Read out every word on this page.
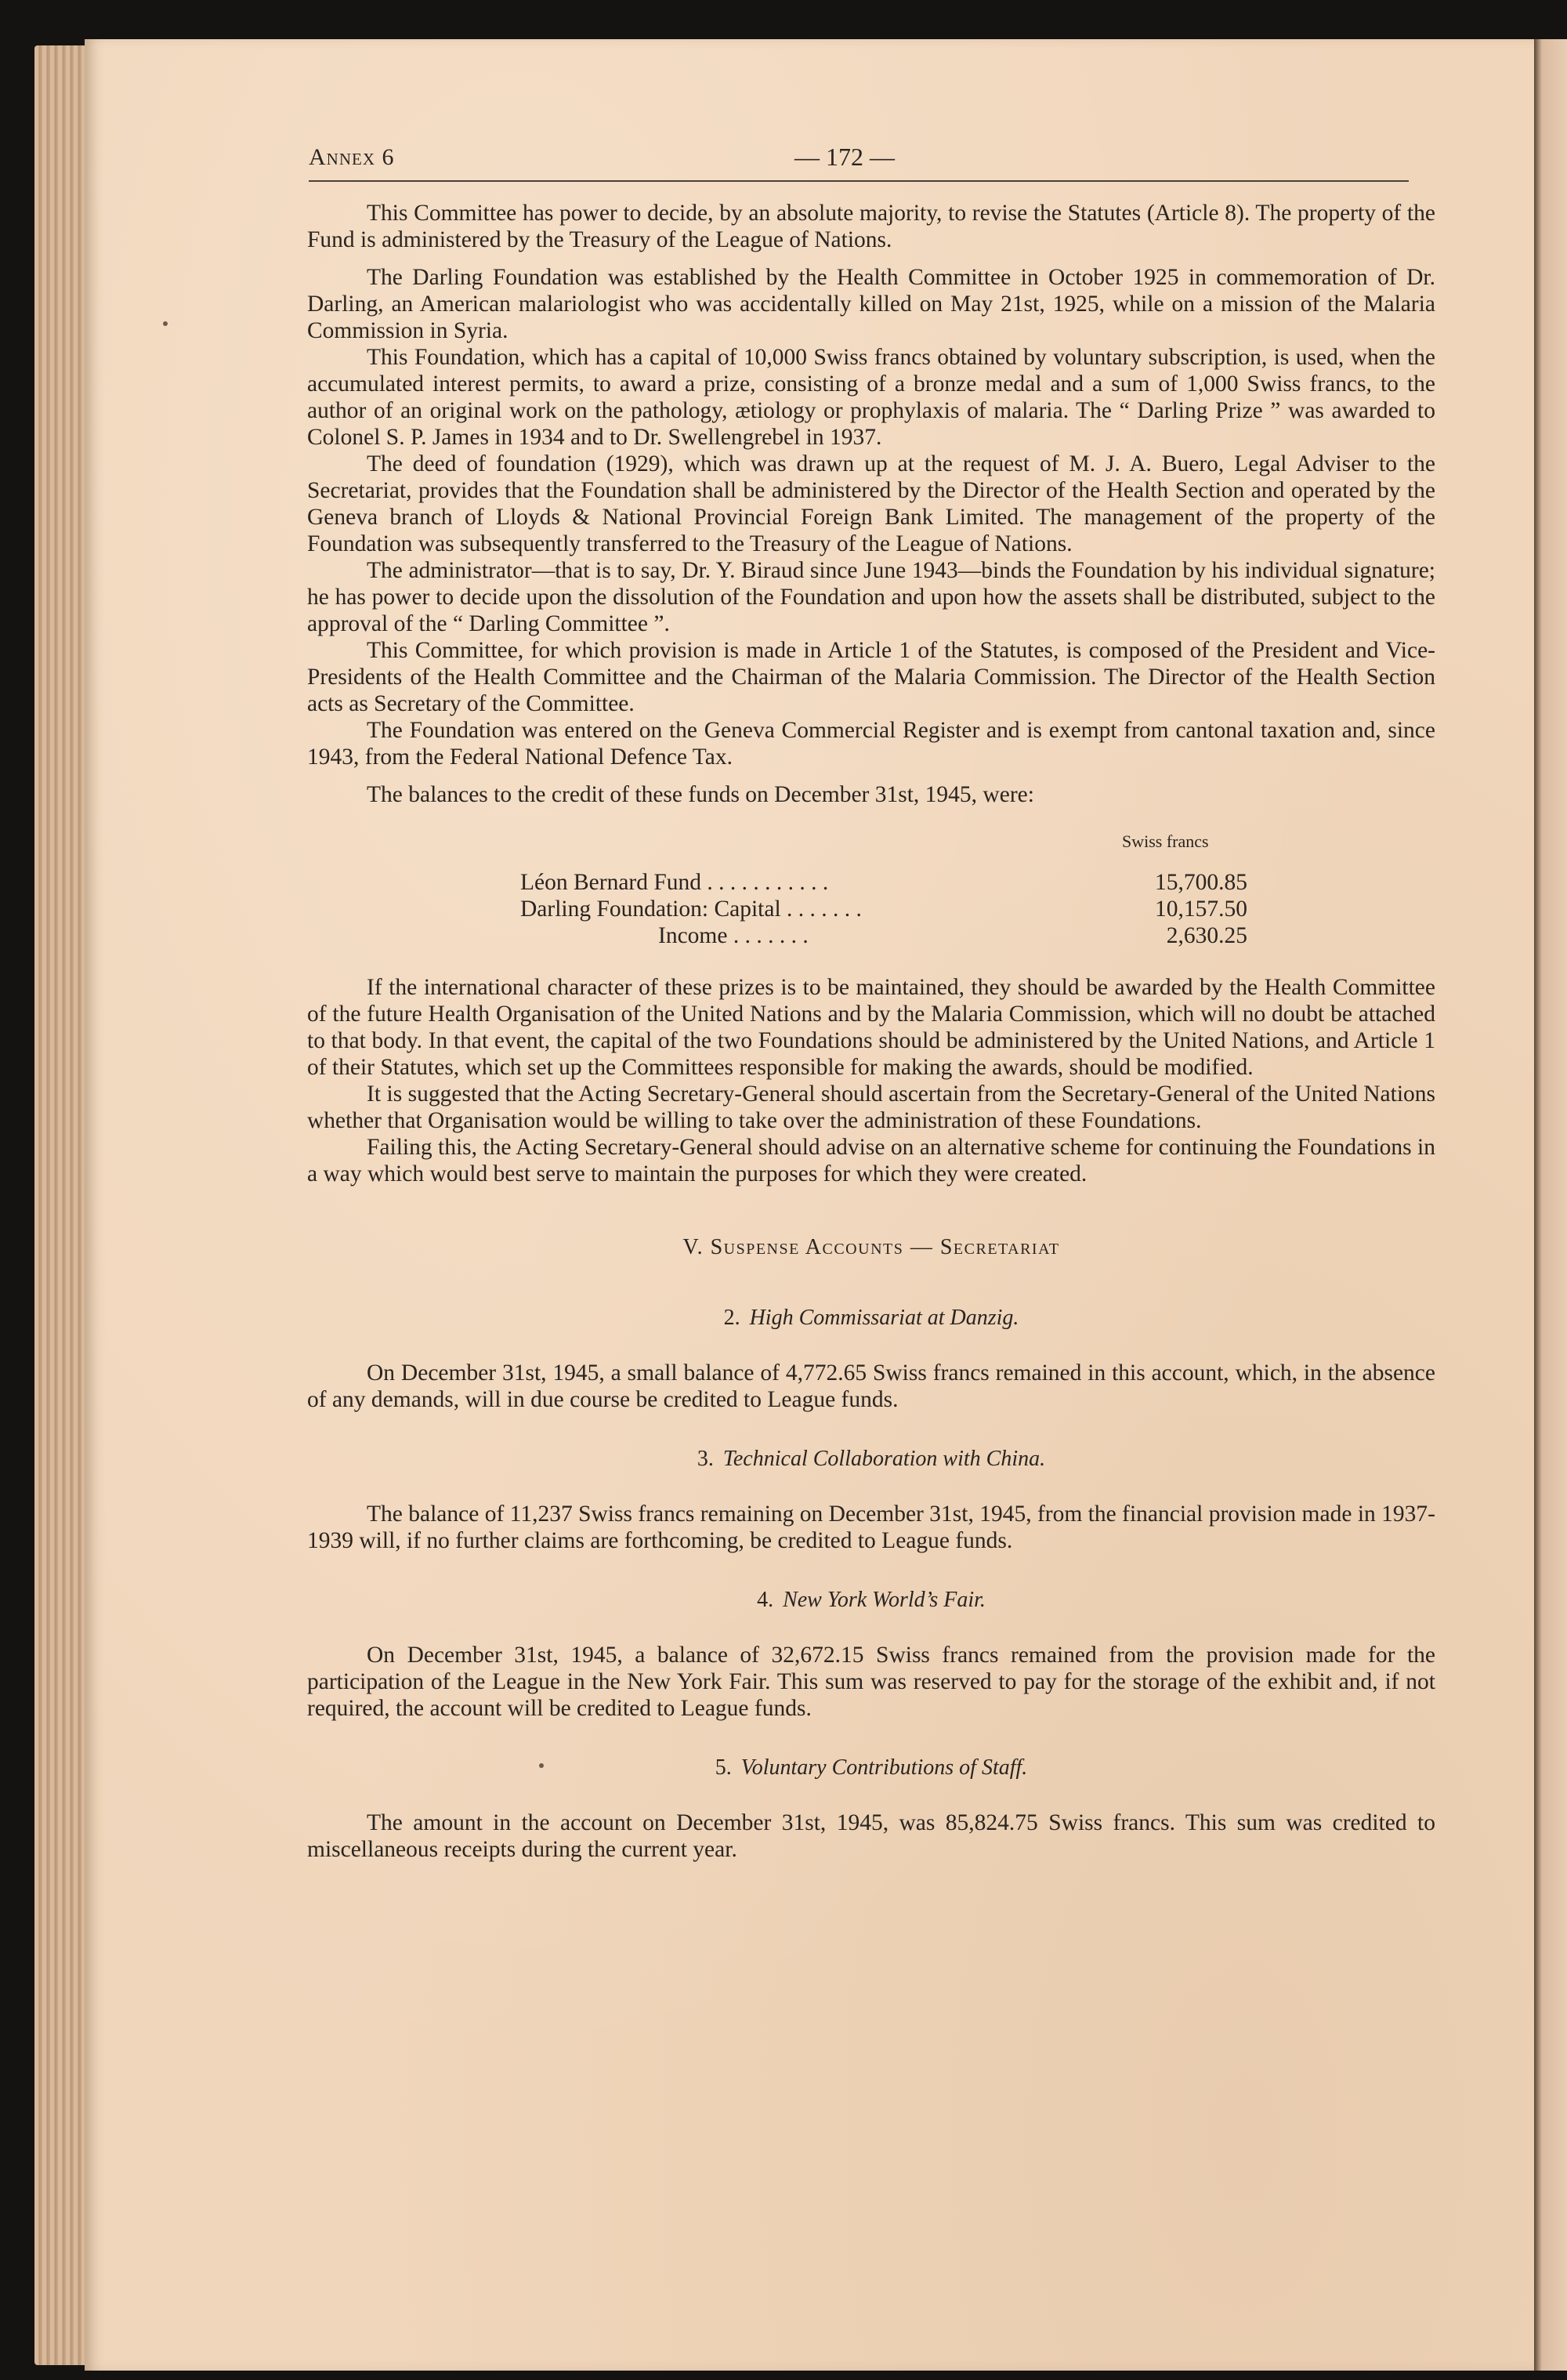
Annex 6	— 172 —

This Committee has power to decide, by an absolute majority, to revise the Statutes (Article 8). The property of the Fund is administered by the Treasury of the League of Nations.

The Darling Foundation was established by the Health Committee in October 1925 in commemoration of Dr. Darling, an American malariologist who was accidentally killed on May 21st, 1925, while on a mission of the Malaria Commission in Syria.

This Foundation, which has a capital of 10,000 Swiss francs obtained by voluntary subscription, is used, when the accumulated interest permits, to award a prize, consisting of a bronze medal and a sum of 1,000 Swiss francs, to the author of an original work on the pathology, ætiology or prophylaxis of malaria. The “ Darling Prize ” was awarded to Colonel S. P. James in 1934 and to Dr. Swellengrebel in 1937.

The deed of foundation (1929), which was drawn up at the request of M. J. A. Buero, Legal Adviser to the Secretariat, provides that the Foundation shall be administered by the Director of the Health Section and operated by the Geneva branch of Lloyds & National Provincial Foreign Bank Limited. The management of the property of the Foundation was subsequently transferred to the Treasury of the League of Nations.

The administrator—that is to say, Dr. Y. Biraud since June 1943—binds the Foundation by his individual signature; he has power to decide upon the dissolution of the Foundation and upon how the assets shall be distributed, subject to the approval of the “ Darling Committee ”.

This Committee, for which provision is made in Article 1 of the Statutes, is composed of the President and Vice-Presidents of the Health Committee and the Chairman of the Malaria Commission. The Director of the Health Section acts as Secretary of the Committee.

The Foundation was entered on the Geneva Commercial Register and is exempt from cantonal taxation and, since 1943, from the Federal National Defence Tax.

The balances to the credit of these funds on December 31st, 1945, were:

Swiss francs
Léon Bernard Fund . . . . . . . . . . .	15,700.85
Darling Foundation: Capital . . . . . . .	10,157.50
Income . . . . . . .	2,630.25

If the international character of these prizes is to be maintained, they should be awarded by the Health Committee of the future Health Organisation of the United Nations and by the Malaria Commission, which will no doubt be attached to that body. In that event, the capital of the two Foundations should be administered by the United Nations, and Article 1 of their Statutes, which set up the Committees responsible for making the awards, should be modified.

It is suggested that the Acting Secretary-General should ascertain from the Secretary-General of the United Nations whether that Organisation would be willing to take over the administration of these Foundations.

Failing this, the Acting Secretary-General should advise on an alternative scheme for continuing the Foundations in a way which would best serve to maintain the purposes for which they were created.

V. Suspense Accounts — Secretariat
2. High Commissariat at Danzig.

On December 31st, 1945, a small balance of 4,772.65 Swiss francs remained in this account, which, in the absence of any demands, will in due course be credited to League funds.

3. Technical Collaboration with China.

The balance of 11,237 Swiss francs remaining on December 31st, 1945, from the financial provision made in 1937-1939 will, if no further claims are forthcoming, be credited to League funds.

4. New York World’s Fair.

On December 31st, 1945, a balance of 32,672.15 Swiss francs remained from the provision made for the participation of the League in the New York Fair. This sum was reserved to pay for the storage of the exhibit and, if not required, the account will be credited to League funds.

5. Voluntary Contributions of Staff.

The amount in the account on December 31st, 1945, was 85,824.75 Swiss francs. This sum was credited to miscellaneous receipts during the current year.
